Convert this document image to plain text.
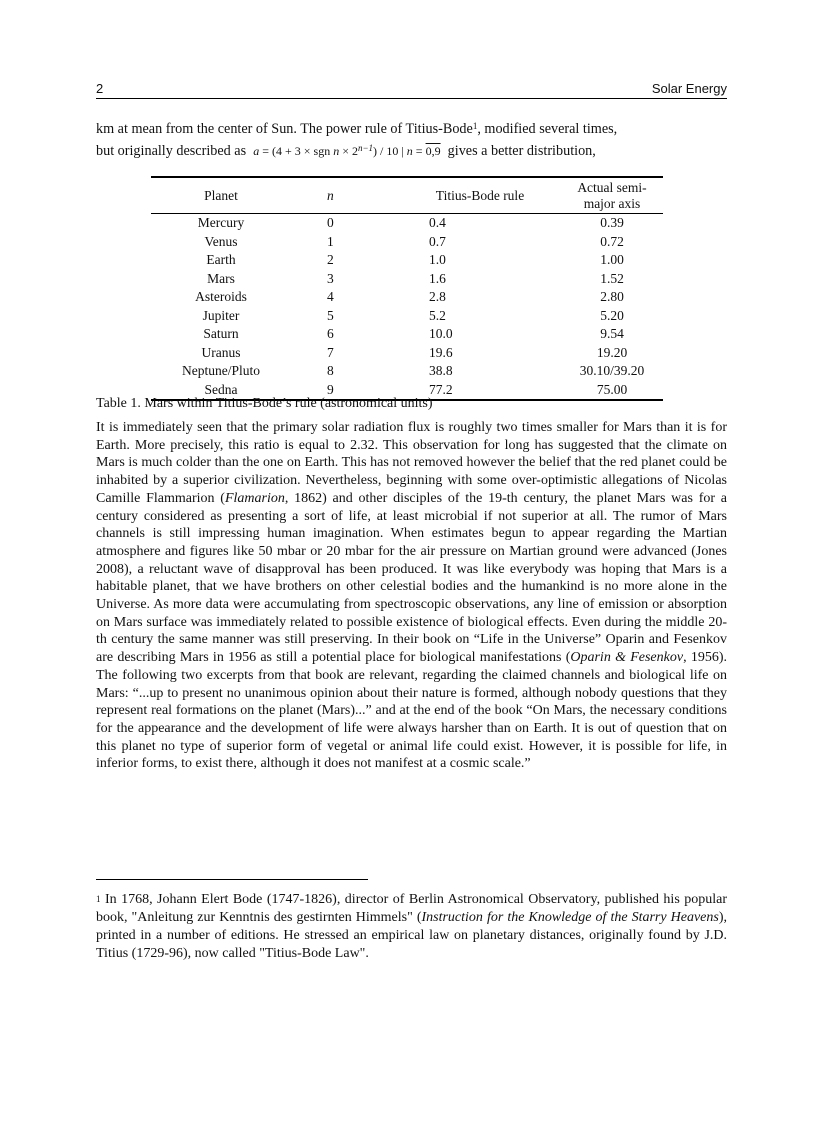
2	Solar Energy

km at mean from the center of Sun. The power rule of Titius-Bode$^1$, modified several times,

but originally described as a = (4 + 3 × sgn $n \times 2^{n-1}) / 10$ | n = 0,9 gives a better distribution,

Planet	n	Titius-Bode rule	Actual semi-major axis
Mercury	0	0.4	0.39
Venus	1	0.7	0.72
Earth	2	1.0	1.00
Mars	3	1.6	1.52
Asteroids	4	2.8	2.80
Jupiter	5	5.2	5.20
Saturn	6	10.0	9.54
Uranus	7	19.6	19.20
Neptune/Pluto	8	38.8	30.10/39.20
Sedna	9	77.2	75.00
Table 1. Mars within Titius-Bode’s rule (astronomical units)

It is immediately seen that the primary solar radiation flux is roughly two times smaller for Mars than it is for Earth. More precisely, this ratio is equal to 2.32. This observation for long has suggested that the climate on Mars is much colder than the one on Earth. This has not removed however the belief that the red planet could be inhabited by a superior civilization. Nevertheless, beginning with some over-optimistic allegations of Nicolas Camille Flammarion (Flamarion, 1862) and other disciples of the 19-th century, the planet Mars was for a century considered as presenting a sort of life, at least microbial if not superior at all. The rumor of Mars channels is still impressing human imagination. When estimates begun to appear regarding the Martian atmosphere and figures like 50 mbar or 20 mbar for the air pressure on Martian ground were advanced (Jones 2008), a reluctant wave of disapproval has been produced. It was like everybody was hoping that Mars is a habitable planet, that we have brothers on other celestial bodies and the humankind is no more alone in the Universe. As more data were accumulating from spectroscopic observations, any line of emission or absorption on Mars surface was immediately related to possible existence of biological effects. Even during the middle 20-th century the same manner was still preserving. In their book on “Life in the Universe” Oparin and Fesenkov are describing Mars in 1956 as still a potential place for biological manifestations (Oparin & Fesenkov, 1956). The following two excerpts from that book are relevant, regarding the claimed channels and biological life on Mars: “...up to present no unanimous opinion about their nature is formed, although nobody questions that they represent real formations on the planet (Mars)...” and at the end of the book “On Mars, the necessary conditions for the appearance and the development of life were always harsher than on Earth. It is out of question that on this planet no type of superior form of vegetal or animal life could exist. However, it is possible for life, in inferior forms, to exist there, although it does not manifest at a cosmic scale.”

$^1$ In 1768, Johann Elert Bode (1747-1826), director of Berlin Astronomical Observatory, published his popular book, "Anleitung zur Kenntnis des gestirnten Himmels" (Instruction for the Knowledge of the Starry Heavens), printed in a number of editions. He stressed an empirical law on planetary distances, originally found by J.D. Titius (1729-96), now called "Titius-Bode Law".
